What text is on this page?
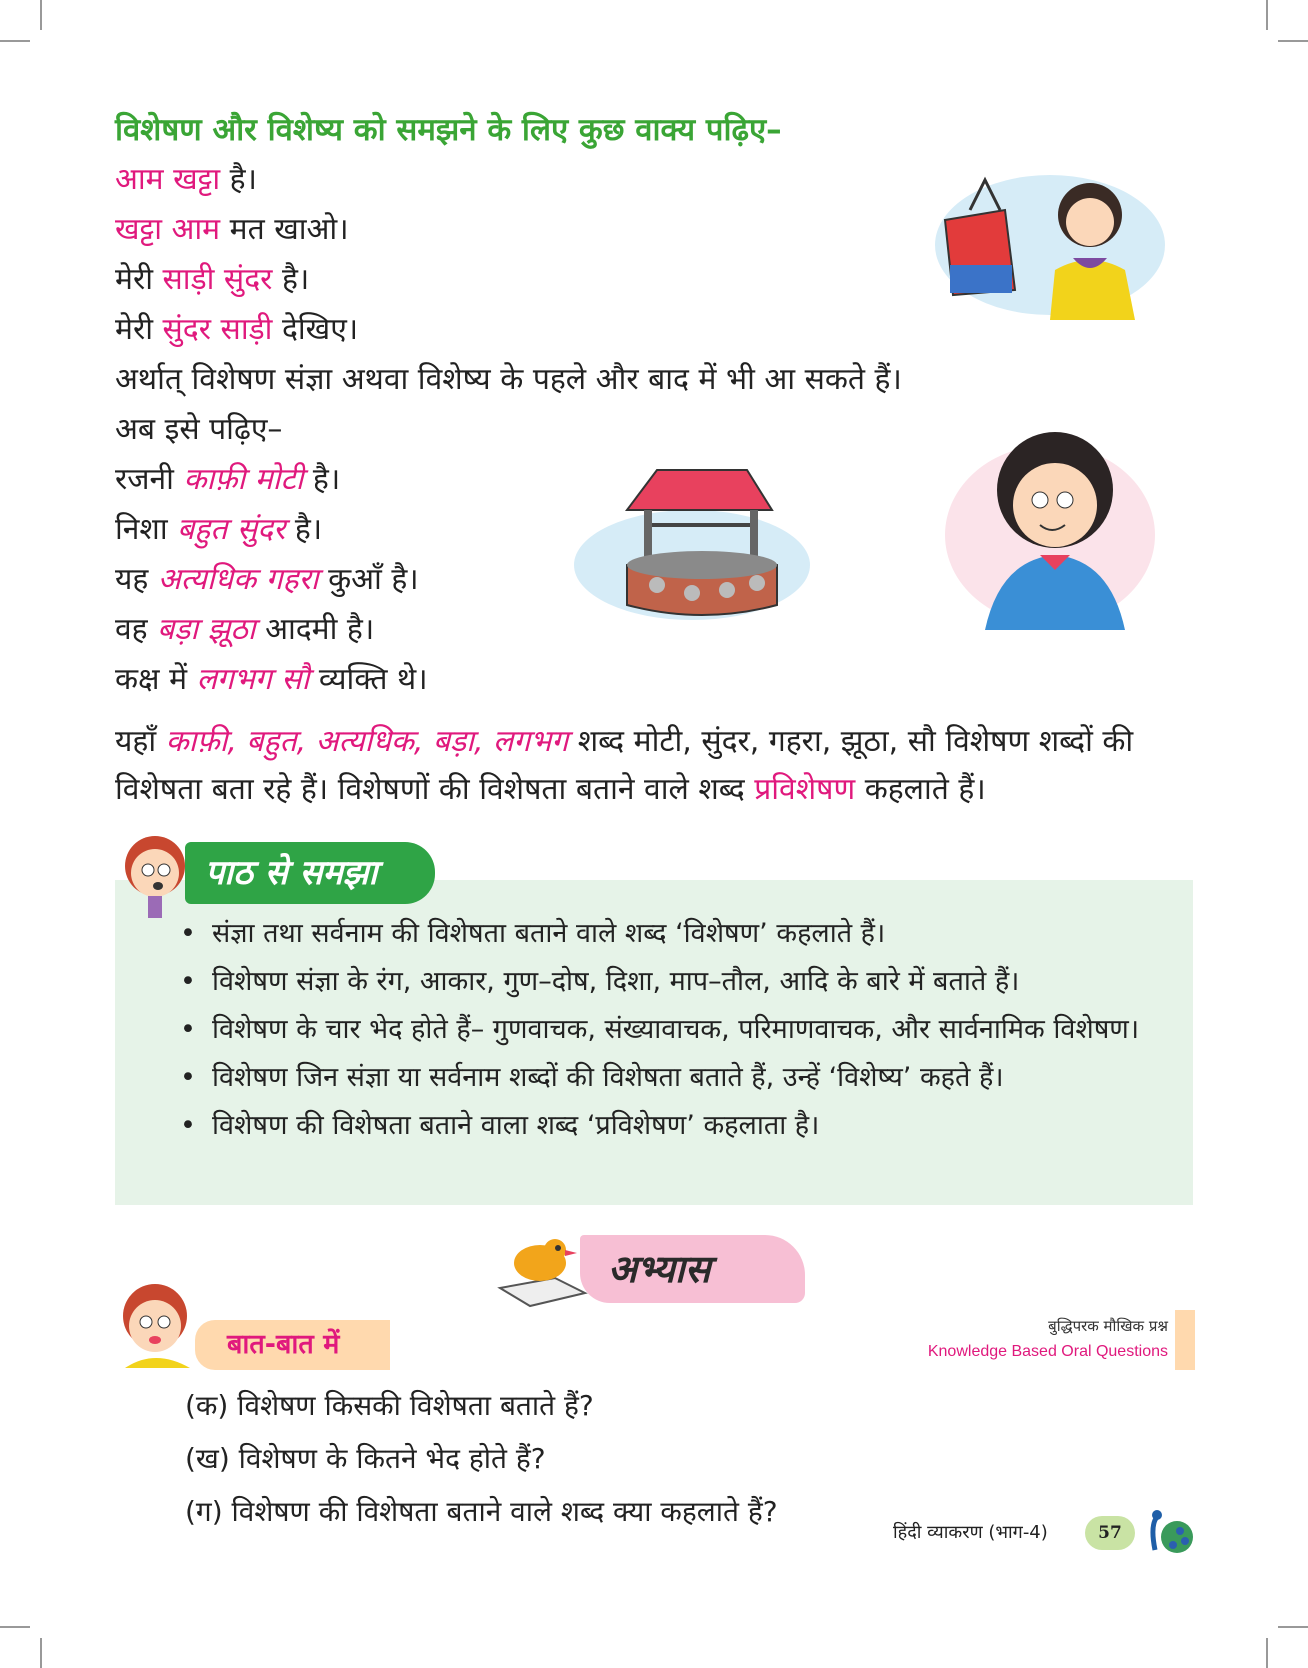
विशेषण और विशेष्य को समझने के लिए कुछ वाक्य पढ़िए–
आम खट्टा है।
खट्टा आम मत खाओ।
मेरी साड़ी सुंदर है।
मेरी सुंदर साड़ी देखिए।
अर्थात् विशेषण संज्ञा अथवा विशेष्य के पहले और बाद में भी आ सकते हैं।
अब इसे पढ़िए–
रजनी काफ़ी मोटी है।
निशा बहुत सुंदर है।
यह अत्यधिक गहरा कुआँ है।
वह बड़ा झूठा आदमी है।
कक्ष में लगभग सौ व्यक्ति थे।
यहाँ काफ़ी, बहुत, अत्यधिक, बड़ा, लगभग शब्द मोटी, सुंदर, गहरा, झूठा, सौ विशेषण शब्दों की विशेषता बता रहे हैं। विशेषणों की विशेषता बताने वाले शब्द प्रविशेषण कहलाते हैं।
पाठ से समझा
• संज्ञा तथा सर्वनाम की विशेषता बताने वाले शब्द ‘विशेषण’ कहलाते हैं।
• विशेषण संज्ञा के रंग, आकार, गुण–दोष, दिशा, माप–तौल, आदि के बारे में बताते हैं।
• विशेषण के चार भेद होते हैं– गुणवाचक, संख्यावाचक, परिमाणवाचक, और सार्वनामिक विशेषण।
• विशेषण जिन संज्ञा या सर्वनाम शब्दों की विशेषता बताते हैं, उन्हें ‘विशेष्य’ कहते हैं।
• विशेषण की विशेषता बताने वाला शब्द ‘प्रविशेषण’ कहलाता है।
अभ्यास
बात-बात में
बुद्धिपरक मौखिक प्रश्न
Knowledge Based Oral Questions
(क) विशेषण किसकी विशेषता बताते हैं?
(ख) विशेषण के कितने भेद होते हैं?
(ग) विशेषण की विशेषता बताने वाले शब्द क्या कहलाते हैं?
हिंदी व्याकरण (भाग-4)	57
